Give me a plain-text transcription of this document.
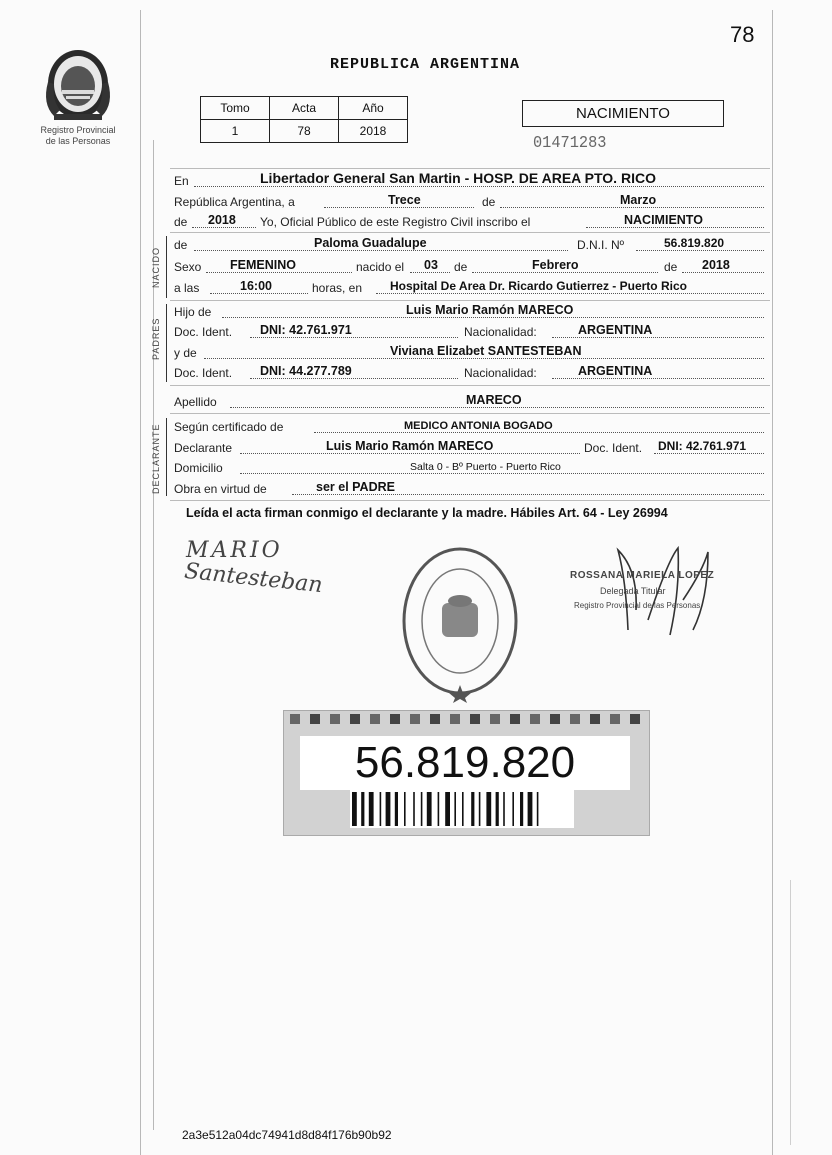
78
Registro Provincial
de las Personas
REPUBLICA ARGENTINA
Tomo	Acta	Año
1	78	2018
NACIMIENTO
01471283
En	Libertador General San Martin - HOSP. DE AREA PTO. RICO
República Argentina, a	Trece	de	Marzo
de 2018 Yo, Oficial Público de este Registro Civil inscribo el	NACIMIENTO
NACIDO
de	Paloma Guadalupe	D.N.I. Nº	56.819.820
Sexo FEMENINO	nacido el 03 de	Febrero	de 2018
a las	16:00	horas, en Hospital De Area Dr. Ricardo Gutierrez - Puerto Rico
PADRES
Hijo de	Luis Mario Ramón MARECO
Doc. Ident. DNI: 42.761.971	Nacionalidad:	ARGENTINA
y de	Viviana Elizabet SANTESTEBAN
Doc. Ident. DNI: 44.277.789	Nacionalidad:	ARGENTINA
Apellido	MARECO
DECLARANTE Según certificado de	MEDICO ANTONIA BOGADO
Declarante	Luis Mario Ramón MARECO	Doc. Ident. DNI: 42.761.971
Domicilio	Salta 0 - Bº Puerto - Puerto Rico
Obra en virtud de	ser el PADRE
Leída el acta firman conmigo el declarante y la madre. Hábiles Art. 64 - Ley 26994
MARIO
Santesteban	ROSSANA MARIELA LOPEZ
Delegada Titular
Registro Provincial de las Personas
56.819.820
2a3e512a04dc74941d8d84f176b90b92
